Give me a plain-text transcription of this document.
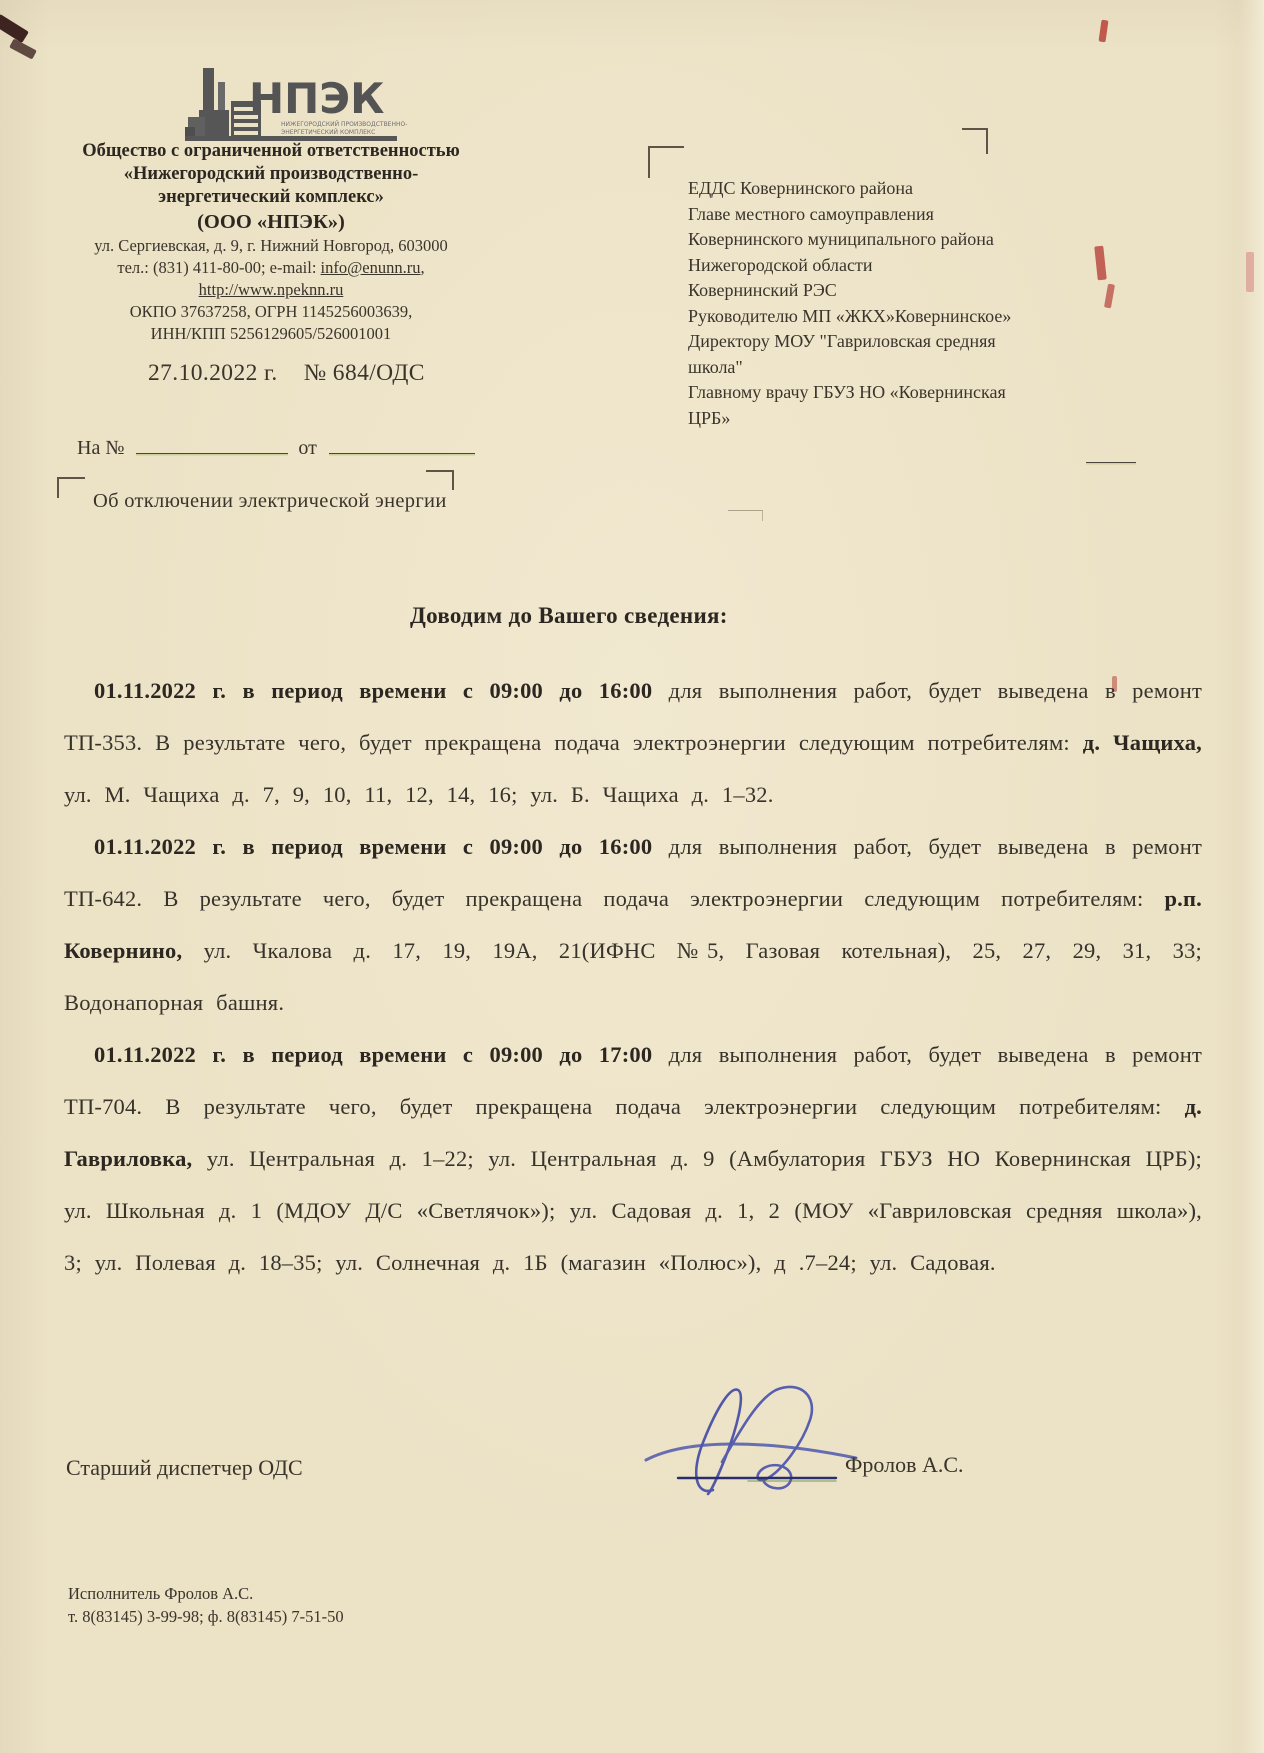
НПЭК
НИЖЕГОРОДСКИЙ ПРОИЗВОДСТВЕННО-
ЭНЕРГЕТИЧЕСКИЙ КОМПЛЕКС
Общество с ограниченной ответственностью
«Нижегородский производственно-
энергетический комплекс»
(ООО «НПЭК»)
ул. Сергиевская, д. 9, г. Нижний Новгород, 603000
тел.: (831) 411-80-00; e-mail: info@enunn.ru,
http://www.npeknn.ru
ОКПО 37637258, ОГРН 1145256003639,
ИНН/КПП 5256129605/526001001
27.10.2022 г. № 684/ОДС
На №	от
ЕДДС Ковернинского района
Главе местного самоуправления
Ковернинского муниципального района
Нижегородской области
Ковернинский РЭС
Руководителю МП «ЖКХ»Ковернинское»
Директору МОУ "Гавриловская средняя
школа"
Главному врачу ГБУЗ НО «Ковернинская
ЦРБ»
Об отключении электрической энергии
Доводим до Вашего сведения:

01.11.2022 г. в период времени с 09:00 до 16:00 для выполнения работ, будет выведена в ремонт ТП-353. В результате чего, будет прекращена подача электроэнергии следующим потребителям: д. Чащиха, ул. М. Чащиха д. 7, 9, 10, 11, 12, 14, 16; ул. Б. Чащиха д. 1–32.

01.11.2022 г. в период времени с 09:00 до 16:00 для выполнения работ, будет выведена в ремонт ТП-642. В результате чего, будет прекращена подача электроэнергии следующим потребителям: р.п. Ковернино, ул. Чкалова д. 17, 19, 19А, 21(ИФНС №5, Газовая котельная), 25, 27, 29, 31, 33; Водонапорная башня.

01.11.2022 г. в период времени с 09:00 до 17:00 для выполнения работ, будет выведена в ремонт ТП-704. В результате чего, будет прекращена подача электроэнергии следующим потребителям: д. Гавриловка, ул. Центральная д. 1–22; ул. Центральная д. 9 (Амбулатория ГБУЗ НО Ковернинская ЦРБ); ул. Школьная д. 1 (МДОУ Д/С «Светлячок»); ул. Садовая д. 1, 2 (МОУ «Гавриловская средняя школа»), 3; ул. Полевая д. 18–35; ул. Солнечная д. 1Б (магазин «Полюс»), д .7–24; ул. Садовая.

Старший диспетчер ОДС	Фролов А.С.
Исполнитель Фролов А.С.
т. 8(83145) 3-99-98; ф. 8(83145) 7-51-50
